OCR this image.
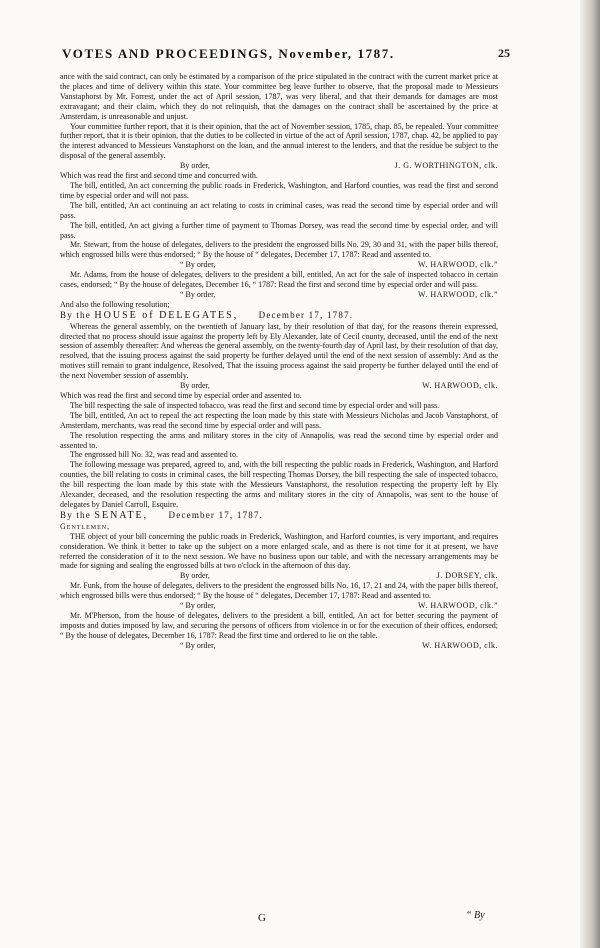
VOTES AND PROCEEDINGS, November, 1787.	25

ance with the said contract, can only be estimated by a comparison of the price stipulated in the contract with the current market price at the places and time of delivery within this state. Your committee beg leave further to observe, that the proposal made to Messieurs Vanstaphorst by Mr. Forrest, under the act of April session, 1787, was very liberal, and that their demands for damages are most extravagant; and their claim, which they do not relinquish, that the damages on the contract shall be ascertained by the price at Amsterdam, is unreasonable and unjust.

Your committee further report, that it is their opinion, that the act of November session, 1785, chap. 85, be repealed. Your committee further report, that it is their opinion, that the duties to be collected in virtue of the act of April session, 1787, chap. 42, be applied to pay the interest advanced to Messieurs Vanstaphorst on the loan, and the annual interest to the lenders, and that the residue be subject to the disposal of the general assembly.

By order,	J. G. WORTHINGTON, clk.

Which was read the first and second time and concurred with.

The bill, entitled, An act concerning the public roads in Frederick, Washington, and Harford counties, was read the first and second time by especial order and will not pass.

The bill, entitled, An act continuing an act relating to costs in criminal cases, was read the second time by especial order and will pass.

The bill, entitled, An act giving a further time of payment to Thomas Dorsey, was read the second time by especial order, and will pass.

Mr. Stewart, from the house of delegates, delivers to the president the engrossed bills No. 29, 30 and 31, with the paper bills thereof, which engrossed bills were thus endorsed; “ By the house of “ delegates, December 17, 1787: Read and assented to.

“ By order,	W. HARWOOD, clk.”

Mr. Adams, from the house of delegates, delivers to the president a bill, entitled, An act for the sale of inspected tobacco in certain cases, endorsed; “ By the house of delegates, December 16, “ 1787: Read the first and second time by especial order and will pass.

“ By order,	W. HARWOOD, clk.”

And also the following resolution;

By the HOUSE of DELEGATES,   December 17, 1787.

Whereas the general assembly, on the twentieth of January last, by their resolution of that day, for the reasons therein expressed, directed that no process should issue against the property left by Ely Alexander, late of Cecil county, deceased, until the end of the next session of assembly thereafter: And whereas the general assembly, on the twenty-fourth day of April last, by their resolution of that day, resolved, that the issuing process against the said property be further delayed until the end of the next session of assembly: And as the motives still remain to grant indulgence, Resolved, That the issuing process against the said property be further delayed until the end of the next November session of assembly.

By order,	W. HARWOOD, clk.

Which was read the first and second time by especial order and assented to.

The bill respecting the sale of inspected tobacco, was read the first and second time by especial order and will pass.

The bill, entitled, An act to repeal the act respecting the loan made by this state with Messieurs Nicholas and Jacob Vanstaphorst, of Amsterdam, merchants, was read the second time by especial order and will pass.

The resolution respecting the arms and military stores in the city of Annapolis, was read the second time by especial order and assented to.

The engrossed bill No. 32, was read and assented to.

The following message was prepared, agreed to, and, with the bill respecting the public roads in Frederick, Washington, and Harford counties, the bill relating to costs in criminal cases, the bill respecting Thomas Dorsey, the bill respecting the sale of inspected tobacco, the bill respecting the loan made by this state with the Messieurs Vanstaphorst, the resolution respecting the property left by Ely Alexander, deceased, and the resolution respecting the arms and military stores in the city of Annapolis, was sent to the house of delegates by Daniel Carroll, Esquire.

By the SENATE,   December 17, 1787.

Gentlemen,

THE object of your bill concerning the public roads in Frederick, Washington, and Harford counties, is very important, and requires consideration. We think it better to take up the subject on a more enlarged scale, and as there is not time for it at present, we have referred the consideration of it to the next session. We have no business upon our table, and with the necessary arrangements may be made for signing and sealing the engrossed bills at two o'clock in the afternoon of this day.

By order,	J. DORSEY, clk.

Mr. Funk, from the house of delegates, delivers to the president the engrossed bills No. 16, 17, 21 and 24, with the paper bills thereof, which engrossed bills were thus endorsed; “ By the house of “ delegates, December 17, 1787: Read and assented to.

“ By order,	W. HARWOOD, clk.”

Mr. M'Pherson, from the house of delegates, delivers to the president a bill, entitled, An act for better securing the payment of imposts and duties imposed by law, and securing the persons of officers from violence in or for the execution of their offices, endorsed; “ By the house of delegates, December 16, 1787: Read the first time and ordered to lie on the table.

“ By order,	W. HARWOOD, clk.

G	“ By
